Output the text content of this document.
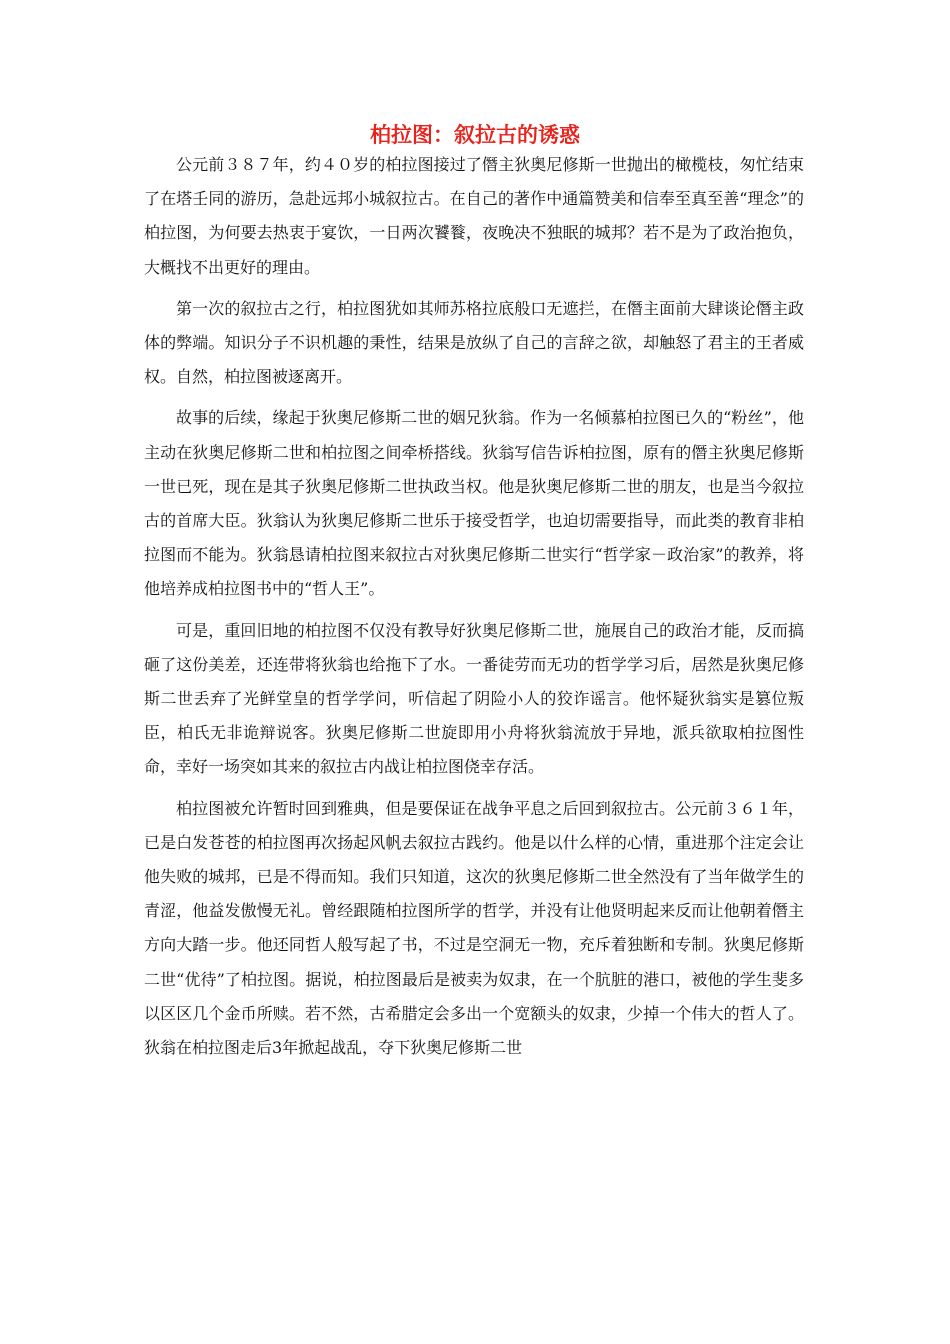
柏拉图：叙拉古的诱惑

公元前３８７年，约４０岁的柏拉图接过了僭主狄奥尼修斯一世抛出的橄榄枝，匆忙结束了在塔壬同的游历，急赴远邦小城叙拉古。在自己的著作中通篇赞美和信奉至真至善“理念”的柏拉图，为何要去热衷于宴饮，一日两次饕餮，夜晚决不独眠的城邦？若不是为了政治抱负，大概找不出更好的理由。

第一次的叙拉古之行，柏拉图犹如其师苏格拉底般口无遮拦，在僭主面前大肆谈论僭主政体的弊端。知识分子不识机趣的秉性，结果是放纵了自己的言辞之欲，却触怒了君主的王者威权。自然，柏拉图被逐离开。

故事的后续，缘起于狄奥尼修斯二世的姻兄狄翁。作为一名倾慕柏拉图已久的“粉丝”，他主动在狄奥尼修斯二世和柏拉图之间牵桥搭线。狄翁写信告诉柏拉图，原有的僭主狄奥尼修斯一世已死，现在是其子狄奥尼修斯二世执政当权。他是狄奥尼修斯二世的朋友，也是当今叙拉古的首席大臣。狄翁认为狄奥尼修斯二世乐于接受哲学，也迫切需要指导，而此类的教育非柏拉图而不能为。狄翁恳请柏拉图来叙拉古对狄奥尼修斯二世实行“哲学家－政治家”的教养，将他培养成柏拉图书中的“哲人王”。

可是，重回旧地的柏拉图不仅没有教导好狄奥尼修斯二世，施展自己的政治才能，反而搞砸了这份美差，还连带将狄翁也给拖下了水。一番徒劳而无功的哲学学习后，居然是狄奥尼修斯二世丢弃了光鲜堂皇的哲学学问，听信起了阴险小人的狡诈谣言。他怀疑狄翁实是篡位叛臣，柏氏无非诡辩说客。狄奥尼修斯二世旋即用小舟将狄翁流放于异地，派兵欲取柏拉图性命，幸好一场突如其来的叙拉古内战让柏拉图侥幸存活。

柏拉图被允许暂时回到雅典，但是要保证在战争平息之后回到叙拉古。公元前３６１年，已是白发苍苍的柏拉图再次扬起风帆去叙拉古践约。他是以什么样的心情，重进那个注定会让他失败的城邦，已是不得而知。我们只知道，这次的狄奥尼修斯二世全然没有了当年做学生的青涩，他益发傲慢无礼。曾经跟随柏拉图所学的哲学，并没有让他贤明起来反而让他朝着僭主方向大踏一步。他还同哲人般写起了书，不过是空洞无一物，充斥着独断和专制。狄奥尼修斯二世“优待”了柏拉图。据说，柏拉图最后是被卖为奴隶，在一个肮脏的港口，被他的学生斐多以区区几个金币所赎。若不然，古希腊定会多出一个宽额头的奴隶，少掉一个伟大的哲人了。狄翁在柏拉图走后3年掀起战乱，夺下狄奥尼修斯二世
